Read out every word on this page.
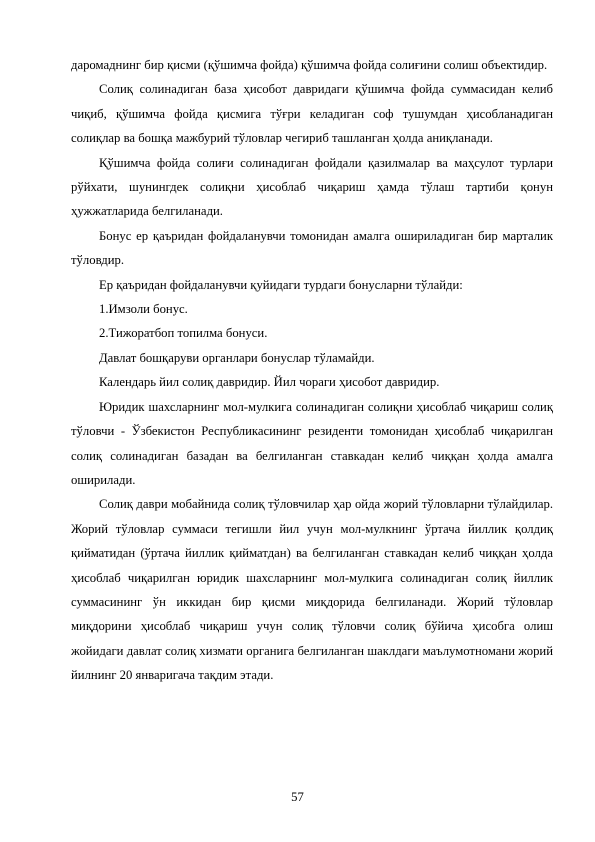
даромаднинг бир қисми (қўшимча фойда) қўшимча фойда солиғини солиш объектидир.

Солиқ солинадиган база ҳисобот давридаги қўшимча фойда суммасидан келиб чиқиб, қўшимча фойда қисмига тўғри келадиган соф тушумдан ҳисобланадиган солиқлар ва бошқа мажбурий тўловлар чегириб ташланган ҳолда аниқланади.

Қўшимча фойда солиғи солинадиган фойдали қазилмалар ва маҳсулот турлари рўйхати, шунингдек солиқни ҳисоблаб чиқариш ҳамда тўлаш тартиби қонун ҳужжатларида белгиланади.

Бонус ер қаъридан фойдаланувчи томонидан амалга ошириладиган бир марталик тўловдир.

Ер қаъридан фойдаланувчи қуйидаги турдаги бонусларни тўлайди:

1.Имзоли бонус.

2.Тижоратбоп топилма бонуси.

Давлат бошқаруви органлари бонуслар тўламайди.

Календарь йил солиқ давридир. Йил чораги ҳисобот давридир.

Юридик шахсларнинг мол-мулкига солинадиган солиқни ҳисоблаб чиқариш солиқ тўловчи - Ўзбекистон Республикасининг резиденти томонидан ҳисоблаб чиқарилган солиқ солинадиган базадан ва белгиланган ставкадан келиб чиққан ҳолда амалга оширилади.

Солиқ даври мобайнида солиқ тўловчилар ҳар ойда жорий тўловларни тўлайдилар. Жорий тўловлар суммаси тегишли йил учун мол-мулкнинг ўртача йиллик қолдиқ қийматидан (ўртача йиллик қийматдан) ва белгиланган ставкадан келиб чиққан ҳолда ҳисоблаб чиқарилган юридик шахсларнинг мол-мулкига солинадиган солиқ йиллик суммасининг ўн иккидан бир қисми миқдорида белгиланади. Жорий тўловлар миқдорини ҳисоблаб чиқариш учун солиқ тўловчи солиқ бўйича ҳисобга олиш жойидаги давлат солиқ хизмати органига белгиланган шаклдаги маълумотномани жорий йилнинг 20 январигача тақдим этади.

57
